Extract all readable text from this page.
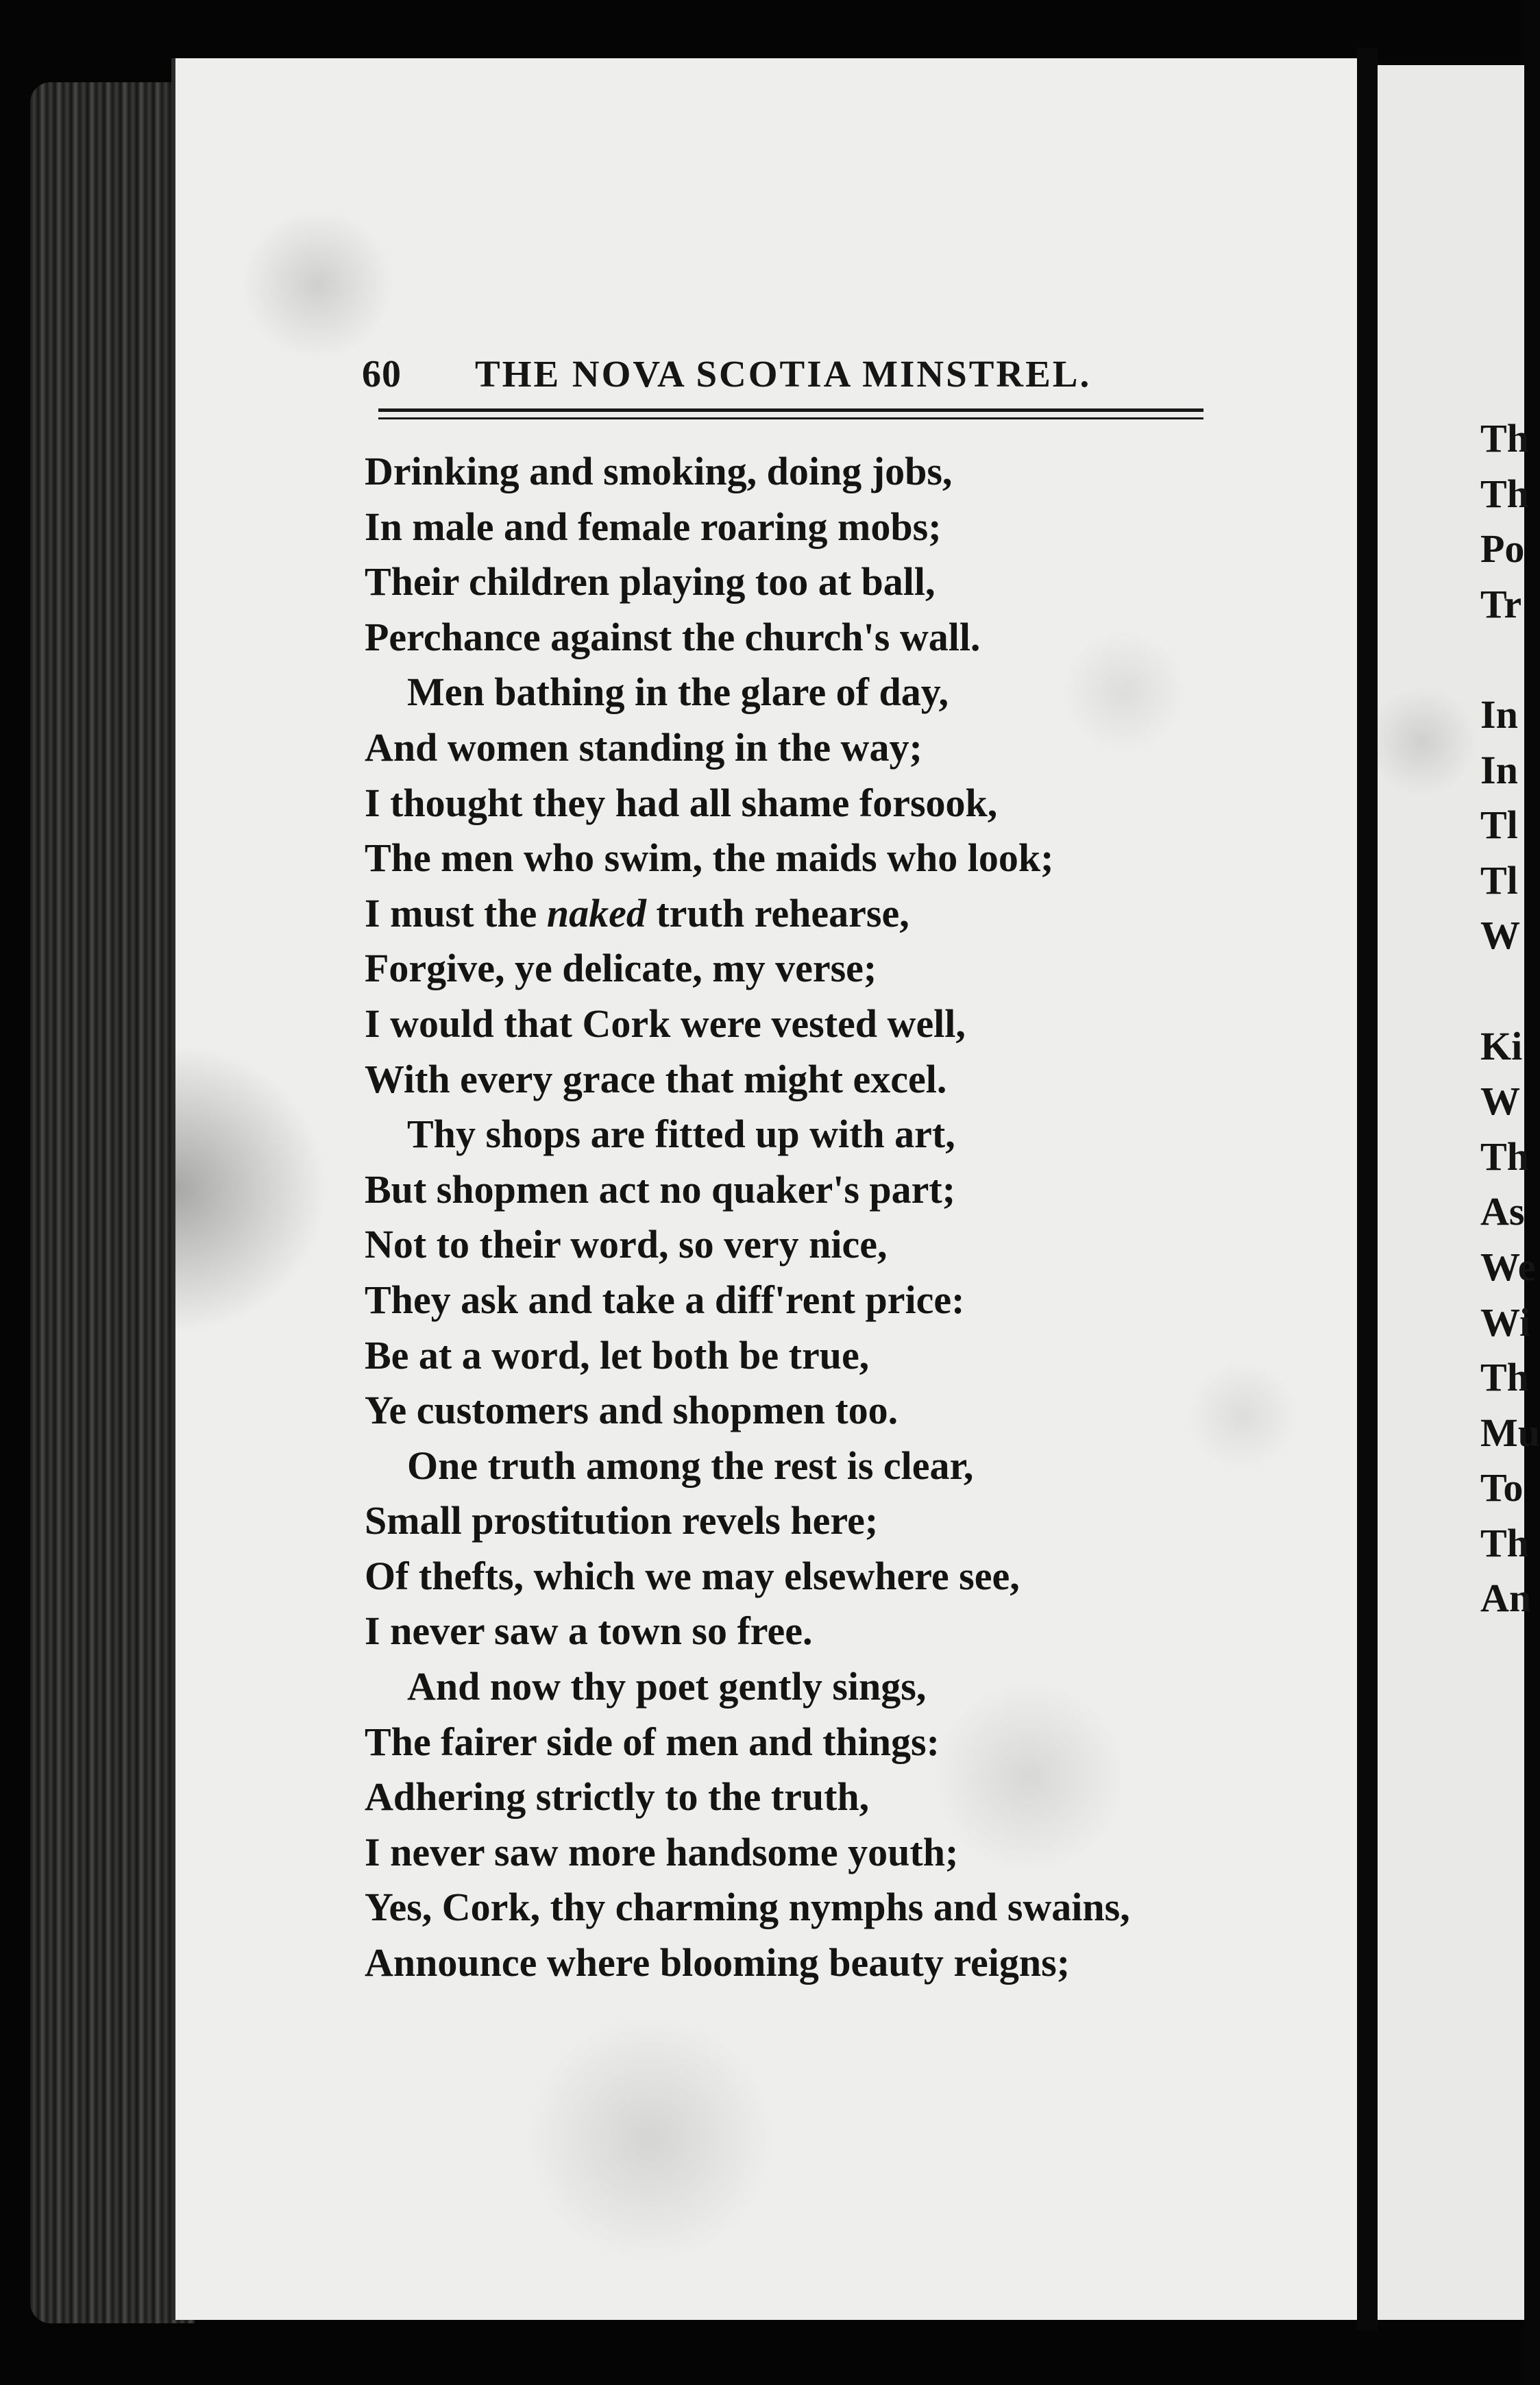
60 THE NOVA SCOTIA MINSTREL.
Drinking and smoking, doing jobs,
In male and female roaring mobs;
Their children playing too at ball,
Perchance against the church's wall.
Men bathing in the glare of day,
And women standing in the way;
I thought they had all shame forsook,
The men who swim, the maids who look;
I must the naked truth rehearse,
Forgive, ye delicate, my verse;
I would that Cork were vested well,
With every grace that might excel.
Thy shops are fitted up with art,
But shopmen act no quaker's part;
Not to their word, so very nice,
They ask and take a diff'rent price:
Be at a word, let both be true,
Ye customers and shopmen too.
One truth among the rest is clear,
Small prostitution revels here;
Of thefts, which we may elsewhere see,
I never saw a town so free.
And now thy poet gently sings,
The fairer side of men and things:
Adhering strictly to the truth,
I never saw more handsome youth;
Yes, Cork, thy charming nymphs and swains,
Announce where blooming beauty reigns;
Th
Th
Po
Tr
In
In
Tl
Tl
W
Ki
W
Th
As
We
Wi
Th
Mu
To
Th
An
